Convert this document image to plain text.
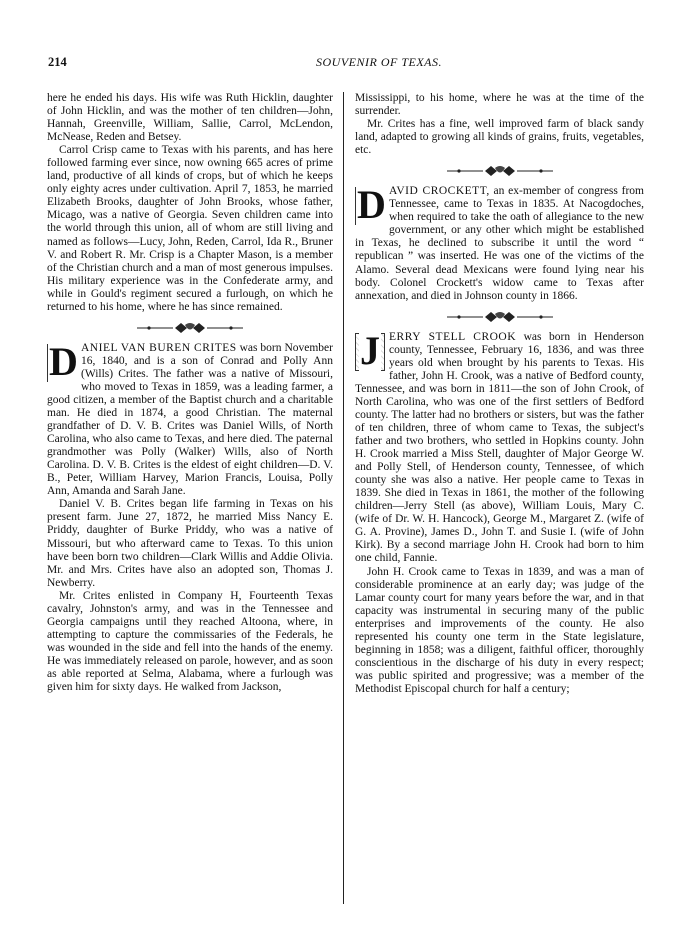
214	SOUVENIR OF TEXAS.

here he ended his days. His wife was Ruth Hicklin, daughter of John Hicklin, and was the mother of ten children—John, Hannah, Greenville, William, Sallie, Carrol, McLendon, McNease, Reden and Betsey.

Carrol Crisp came to Texas with his parents, and has here followed farming ever since, now owning 665 acres of prime land, productive of all kinds of crops, but of which he keeps only eighty acres under cultivation. April 7, 1853, he married Elizabeth Brooks, daughter of John Brooks, whose father, Micago, was a native of Georgia. Seven children came into the world through this union, all of whom are still living and named as follows—Lucy, John, Reden, Carrol, Ida R., Bruner V. and Robert R. Mr. Crisp is a Chapter Mason, is a member of the Christian church and a man of most generous impulses. His military experience was in the Confederate army, and while in Gould's regiment secured a furlough, on which he returned to his home, where he has since remained.

D ANIEL VAN BUREN CRITES was born November 16, 1840, and is a son of Conrad and Polly Ann (Wills) Crites. The father was a native of Missouri, who moved to Texas in 1859, was a leading farmer, a good citizen, a member of the Baptist church and a charitable man. He died in 1874, a good Christian. The maternal grandfather of D. V. B. Crites was Daniel Wills, of North Carolina, who also came to Texas, and here died. The paternal grandmother was Polly (Walker) Wills, also of North Carolina. D. V. B. Crites is the eldest of eight children—D. V. B., Peter, William Harvey, Marion Francis, Louisa, Polly Ann, Amanda and Sarah Jane.

Daniel V. B. Crites began life farming in Texas on his present farm. June 27, 1872, he married Miss Nancy E. Priddy, daughter of Burke Priddy, who was a native of Missouri, but who afterward came to Texas. To this union have been born two children—Clark Willis and Addie Olivia. Mr. and Mrs. Crites have also an adopted son, Thomas J. Newberry.

Mr. Crites enlisted in Company H, Fourteenth Texas cavalry, Johnston's army, and was in the Tennessee and Georgia campaigns until they reached Altoona, where, in attempting to capture the commissaries of the Federals, he was wounded in the side and fell into the hands of the enemy. He was immediately released on parole, however, and as soon as able reported at Selma, Alabama, where a furlough was given him for sixty days. He walked from Jackson,

Mississippi, to his home, where he was at the time of the surrender.

Mr. Crites has a fine, well improved farm of black sandy land, adapted to growing all kinds of grains, fruits, vegetables, etc.

D AVID CROCKETT, an ex-member of congress from Tennessee, came to Texas in 1835. At Nacogdoches, when required to take the oath of allegiance to the new government, or any other which might be established in Texas, he declined to subscribe it until the word “ republican ” was inserted. He was one of the victims of the Alamo. Several dead Mexicans were found lying near his body. Colonel Crockett's widow came to Texas after annexation, and died in Johnson county in 1866.

J ERRY STELL CROOK was born in Henderson county, Tennessee, February 16, 1836, and was three years old when brought by his parents to Texas. His father, John H. Crook, was a native of Bedford county, Tennessee, and was born in 1811—the son of John Crook, of North Carolina, who was one of the first settlers of Bedford county. The latter had no brothers or sisters, but was the father of ten children, three of whom came to Texas, the subject's father and two brothers, who settled in Hopkins county. John H. Crook married a Miss Stell, daughter of Major George W. and Polly Stell, of Henderson county, Tennessee, of which county she was also a native. Her people came to Texas in 1839. She died in Texas in 1861, the mother of the following children—Jerry Stell (as above), William Louis, Mary C. (wife of Dr. W. H. Hancock), George M., Margaret Z. (wife of G. A. Provine), James D., John T. and Susie I. (wife of John Kirk). By a second marriage John H. Crook had born to him one child, Fannie.

John H. Crook came to Texas in 1839, and was a man of considerable prominence at an early day; was judge of the Lamar county court for many years before the war, and in that capacity was instrumental in securing many of the public enterprises and improvements of the county. He also represented his county one term in the State legislature, beginning in 1858; was a diligent, faithful officer, thoroughly conscientious in the discharge of his duty in every respect; was public spirited and progressive; was a member of the Methodist Episcopal church for half a century;
